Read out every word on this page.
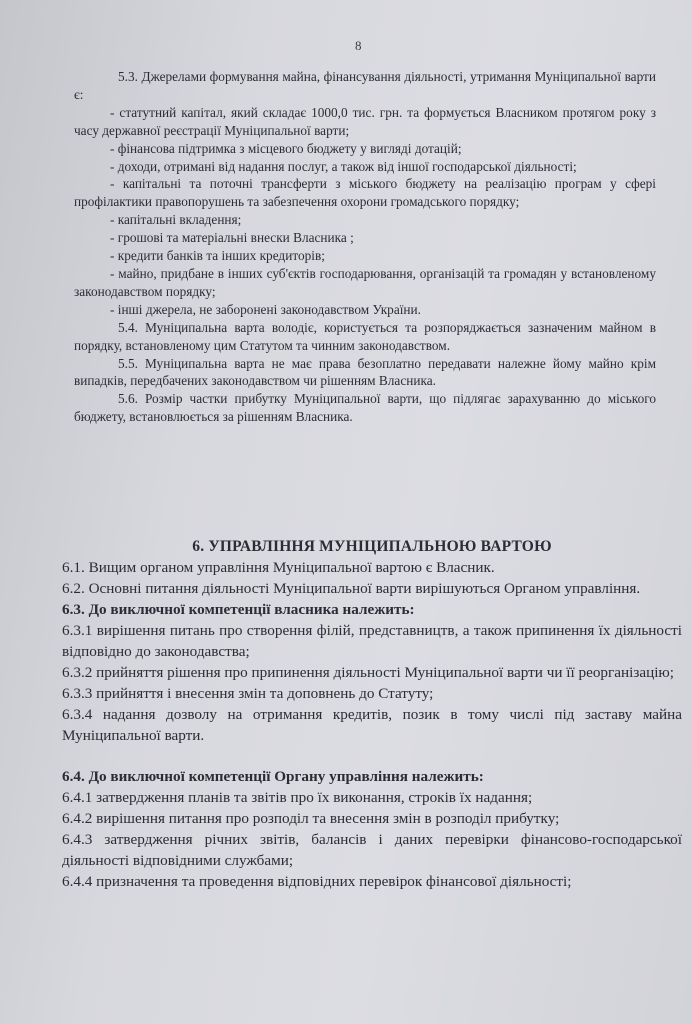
8

5.3. Джерелами формування майна, фінансування діяльності, утримання Муніципальної варти є:

- статутний капітал, який складає 1000,0 тис. грн. та формується Власником протягом року з часу державної реєстрації Муніципальної варти;

- фінансова підтримка з місцевого бюджету у вигляді дотацій;

- доходи, отримані від надання послуг, а також від іншої господарської діяльності;

- капітальні та поточні трансферти з міського бюджету на реалізацію програм у сфері профілактики правопорушень та забезпечення охорони громадського порядку;

- капітальні вкладення;

- грошові та матеріальні внески Власника ;

- кредити банків та інших кредиторів;

- майно, придбане в інших суб'єктів господарювання, організацій та громадян у встановленому законодавством порядку;

- інші джерела, не заборонені законодавством України.

5.4. Муніципальна варта володіє, користується та розпоряджається зазначеним майном в порядку, встановленому цим Статутом та чинним законодавством.

5.5. Муніципальна варта не має права безоплатно передавати належне йому майно крім випадків, передбачених законодавством чи рішенням Власника.

5.6. Розмір частки прибутку Муніципальної варти, що підлягає зарахуванню до міського бюджету, встановлюється за рішенням Власника.

6. УПРАВЛІННЯ МУНІЦИПАЛЬНОЮ ВАРТОЮ

6.1. Вищим органом управління Муніципальної вартою є Власник.

6.2. Основні питання діяльності Муніципальної варти вирішуються Органом управління.

6.3. До виключної компетенції власника належить:

6.3.1 вирішення питань про створення філій, представництв, а також припинення їх діяльності відповідно до законодавства;

6.3.2 прийняття рішення про припинення діяльності Муніципальної варти чи її реорганізацію;

6.3.3 прийняття і внесення змін та доповнень до Статуту;

6.3.4 надання дозволу на отримання кредитів, позик в тому числі під заставу майна Муніципальної варти.

6.4. До виключної компетенції Органу управління належить:

6.4.1 затвердження планів та звітів про їх виконання, строків їх надання;

6.4.2 вирішення питання про розподіл та внесення змін в розподіл прибутку;

6.4.3 затвердження річних звітів, балансів і даних перевірки фінансово-господарської діяльності відповідними службами;

6.4.4 призначення та проведення відповідних перевірок фінансової діяльності;
